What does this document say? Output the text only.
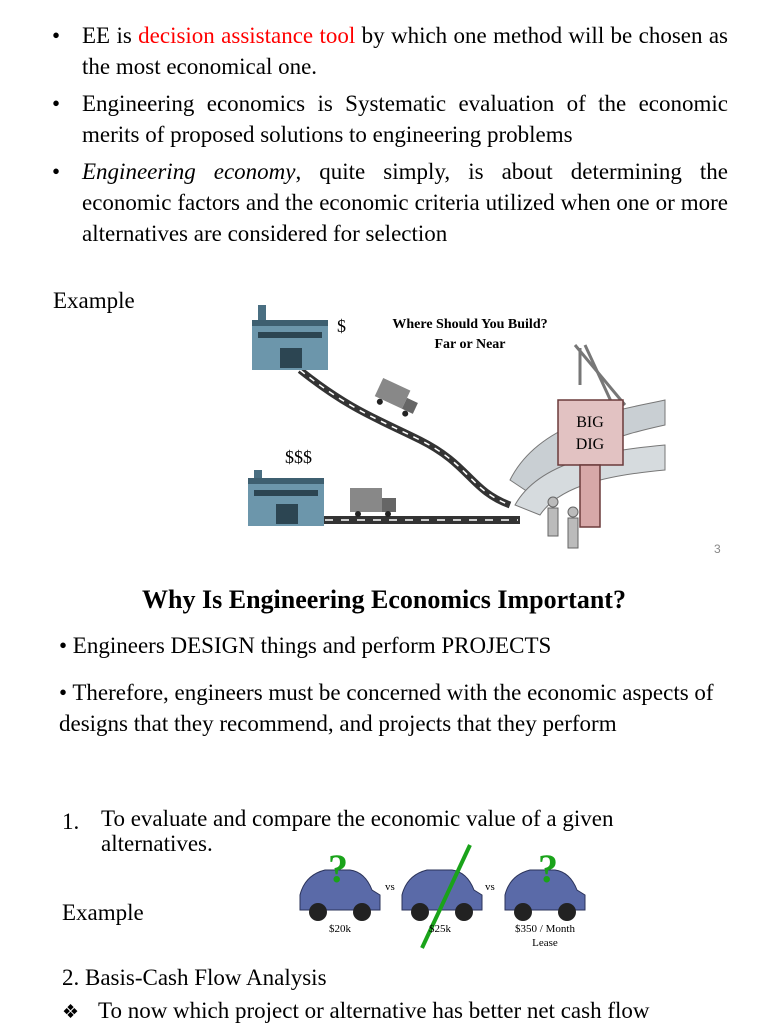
• EE is decision assistance tool by which one method will be chosen as the most economical one.
• Engineering economics is Systematic evaluation of the economic merits of proposed solutions to engineering problems
• Engineering economy, quite simply, is about determining the economic factors and the economic criteria utilized when one or more alternatives are considered for selection
Example
BIG
DIG
$
$$$
Where Should You Build?
Far or Near
3
Why Is Engineering Economics Important?
• Engineers DESIGN things and perform PROJECTS
• Therefore, engineers must be concerned with the economic aspects of designs that they recommend, and projects that they perform
1. To evaluate and compare the economic value of a given alternatives.
Example
?	vs	vs ?
$20k	$25k	$350 / Month
Lease
2. Basis-Cash Flow Analysis
❖ To now which project or alternative has better net cash flow
